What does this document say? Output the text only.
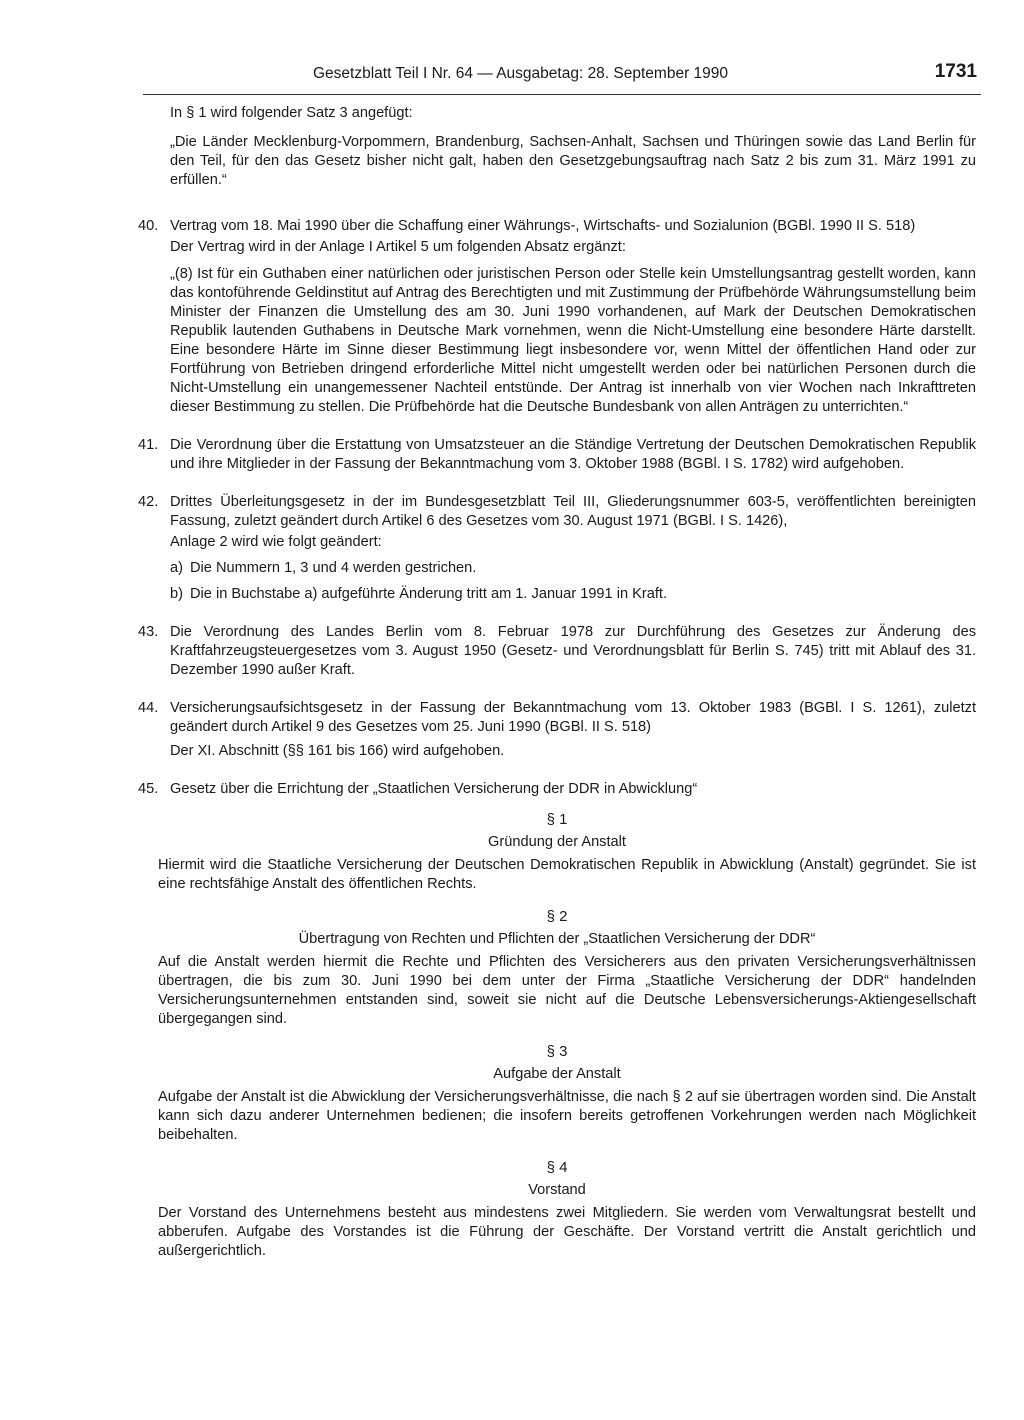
Gesetzblatt Teil I Nr. 64 — Ausgabetag: 28. September 1990	1731

In § 1 wird folgender Satz 3 angefügt:

„Die Länder Mecklenburg-Vorpommern, Brandenburg, Sachsen-Anhalt, Sachsen und Thüringen sowie das Land Berlin für den Teil, für den das Gesetz bisher nicht galt, haben den Gesetzgebungsauftrag nach Satz 2 bis zum 31. März 1991 zu erfüllen.“

40. Vertrag vom 18. Mai 1990 über die Schaffung einer Währungs-, Wirtschafts- und Sozialunion (BGBl. 1990 II S. 518)

Der Vertrag wird in der Anlage I Artikel 5 um folgenden Absatz ergänzt:

„(8) Ist für ein Guthaben einer natürlichen oder juristischen Person oder Stelle kein Umstellungsantrag gestellt worden, kann das kontoführende Geldinstitut auf Antrag des Berechtigten und mit Zustimmung der Prüfbehörde Währungsumstellung beim Minister der Finanzen die Umstellung des am 30. Juni 1990 vorhandenen, auf Mark der Deutschen Demokratischen Republik lautenden Guthabens in Deutsche Mark vornehmen, wenn die Nicht-Umstellung eine besondere Härte darstellt. Eine besondere Härte im Sinne dieser Bestimmung liegt insbesondere vor, wenn Mittel der öffentlichen Hand oder zur Fortführung von Betrieben dringend erforderliche Mittel nicht umgestellt werden oder bei natürlichen Personen durch die Nicht-Umstellung ein unangemessener Nachteil entstünde. Der Antrag ist innerhalb von vier Wochen nach Inkrafttreten dieser Bestimmung zu stellen. Die Prüfbehörde hat die Deutsche Bundesbank von allen Anträgen zu unterrichten.“

41. Die Verordnung über die Erstattung von Umsatzsteuer an die Ständige Vertretung der Deutschen Demokratischen Republik und ihre Mitglieder in der Fassung der Bekanntmachung vom 3. Oktober 1988 (BGBl. I S. 1782) wird aufgehoben.

42. Drittes Überleitungsgesetz in der im Bundesgesetzblatt Teil III, Gliederungsnummer 603-5, veröffentlichten bereinigten Fassung, zuletzt geändert durch Artikel 6 des Gesetzes vom 30. August 1971 (BGBl. I S. 1426),

Anlage 2 wird wie folgt geändert:

a) Die Nummern 1, 3 und 4 werden gestrichen.

b) Die in Buchstabe a) aufgeführte Änderung tritt am 1. Januar 1991 in Kraft.

43. Die Verordnung des Landes Berlin vom 8. Februar 1978 zur Durchführung des Gesetzes zur Änderung des Kraftfahrzeugsteuergesetzes vom 3. August 1950 (Gesetz- und Verordnungsblatt für Berlin S. 745) tritt mit Ablauf des 31. Dezember 1990 außer Kraft.

44. Versicherungsaufsichtsgesetz in der Fassung der Bekanntmachung vom 13. Oktober 1983 (BGBl. I S. 1261), zuletzt geändert durch Artikel 9 des Gesetzes vom 25. Juni 1990 (BGBl. II S. 518)

Der XI. Abschnitt (§§ 161 bis 166) wird aufgehoben.

45. Gesetz über die Errichtung der „Staatlichen Versicherung der DDR in Abwicklung“

§ 1

Gründung der Anstalt

Hiermit wird die Staatliche Versicherung der Deutschen Demokratischen Republik in Abwicklung (Anstalt) gegründet. Sie ist eine rechtsfähige Anstalt des öffentlichen Rechts.

§ 2

Übertragung von Rechten und Pflichten der „Staatlichen Versicherung der DDR“

Auf die Anstalt werden hiermit die Rechte und Pflichten des Versicherers aus den privaten Versicherungsverhältnissen übertragen, die bis zum 30. Juni 1990 bei dem unter der Firma „Staatliche Versicherung der DDR“ handelnden Versicherungsunternehmen entstanden sind, soweit sie nicht auf die Deutsche Lebensversicherungs-Aktiengesellschaft übergegangen sind.

§ 3

Aufgabe der Anstalt

Aufgabe der Anstalt ist die Abwicklung der Versicherungsverhältnisse, die nach § 2 auf sie übertragen worden sind. Die Anstalt kann sich dazu anderer Unternehmen bedienen; die insofern bereits getroffenen Vorkehrungen werden nach Möglichkeit beibehalten.

§ 4

Vorstand

Der Vorstand des Unternehmens besteht aus mindestens zwei Mitgliedern. Sie werden vom Verwaltungsrat bestellt und abberufen. Aufgabe des Vorstandes ist die Führung der Geschäfte. Der Vorstand vertritt die Anstalt gerichtlich und außergerichtlich.
